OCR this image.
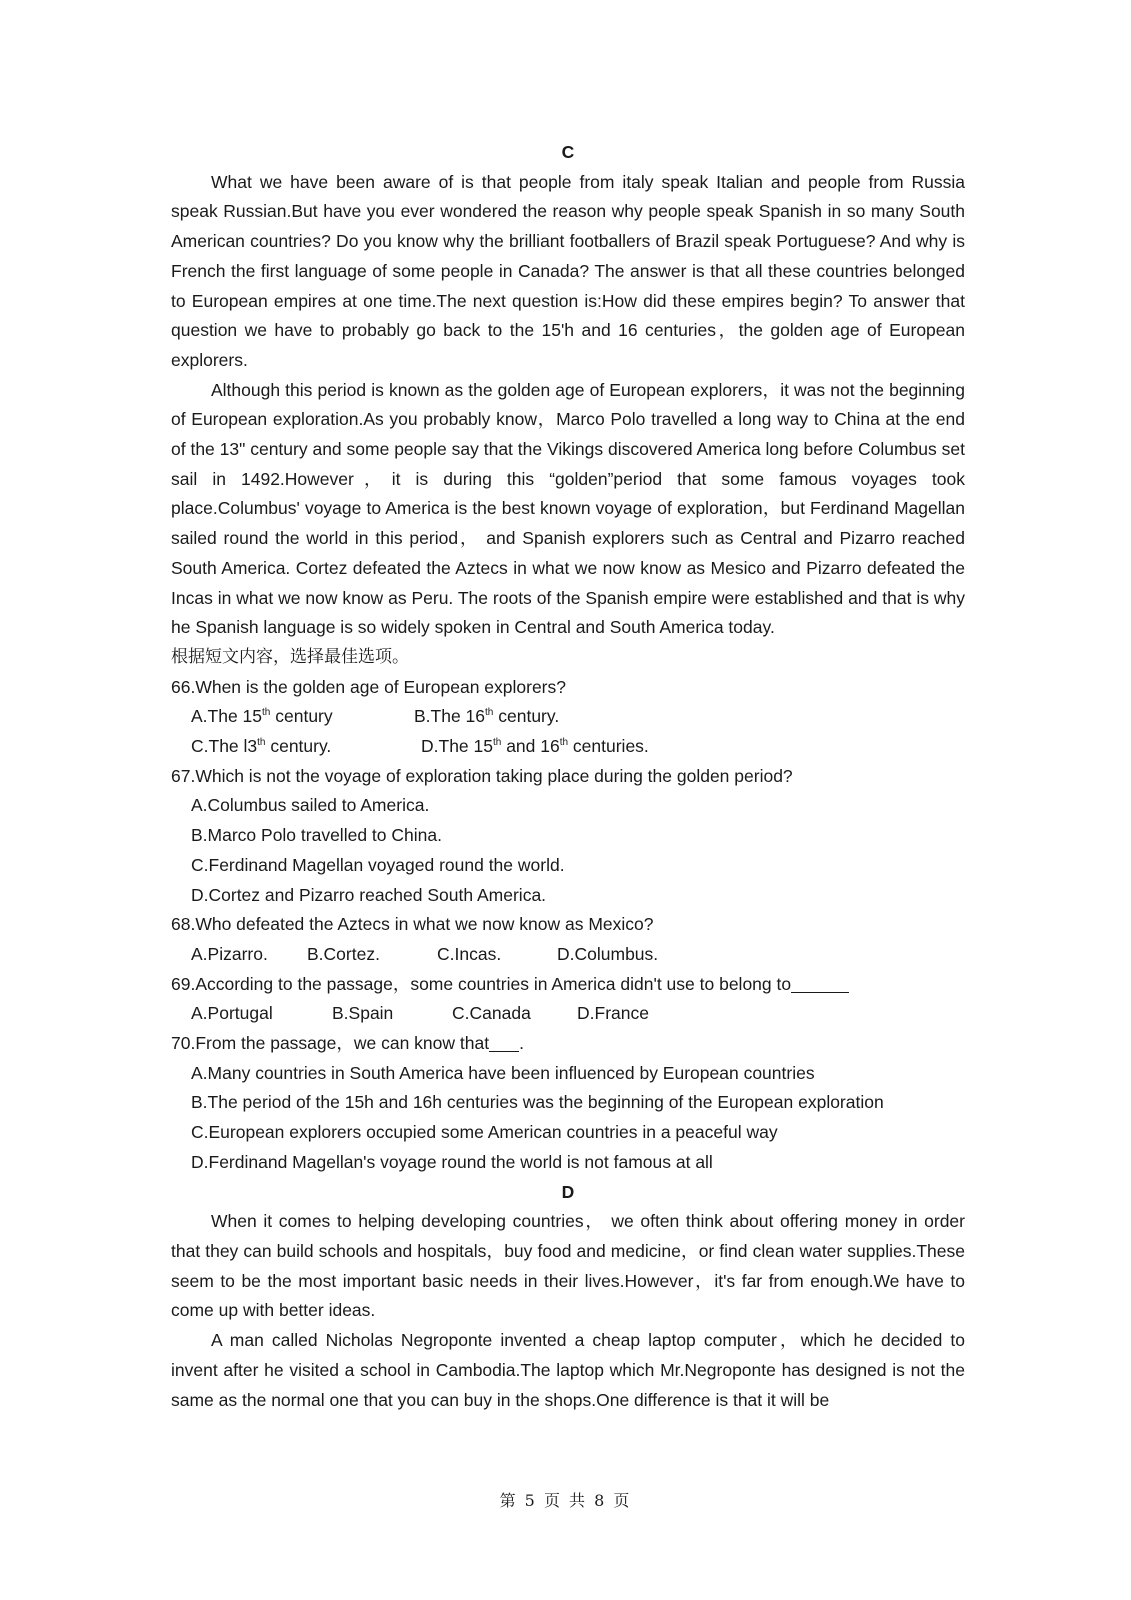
C

What we have been aware of is that people from italy speak Italian and people from Russia speak Russian.But have you ever wondered the reason why people speak Spanish in so many South American countries? Do you know why the brilliant footballers of Brazil speak Portuguese? And why is French the first language of some people in Canada? The answer is that all these countries belonged to European empires at one time.The next question is:How did these empires begin? To answer that question we have to probably go back to the 15'h and 16 centuries，the golden age of European explorers.

Although this period is known as the golden age of European explorers，it was not the beginning of European exploration.As you probably know，Marco Polo travelled a long way to China at the end of the 13" century and some people say that the Vikings discovered America long before Columbus set sail in 1492.However，it is during this “golden”period that some famous voyages took place.Columbus' voyage to America is the best known voyage of exploration，but Ferdinand Magellan sailed round the world in this period， and Spanish explorers such as Central and Pizarro reached South America. Cortez defeated the Aztecs in what we now know as Mesico and Pizarro defeated the Incas in what we now know as Peru. The roots of the Spanish empire were established and that is why he Spanish language is so widely spoken in Central and South America today.

根据短文内容，选择最佳选项。
66.When is the golden age of European explorers?
A.The 15th century	B.The 16th century.
C.The l3th century.	D.The 15th and 16th centuries.
67.Which is not the voyage of exploration taking place during the golden period?
A.Columbus sailed to America.
B.Marco Polo travelled to China.
C.Ferdinand Magellan voyaged round the world.
D.Cortez and Pizarro reached South America.
68.Who defeated the Aztecs in what we now know as Mexico?
A.Pizarro. B.Cortez.	C.Incas.	D.Columbus.
69.According to the passage，some countries in America didn't use to belong to
A.Portugal	B.Spain	C.Canada	D.France
70.From the passage，we can know that .
A.Many countries in South America have been influenced by European countries
B.The period of the 15h and 16h centuries was the beginning of the European exploration
C.European explorers occupied some American countries in a peaceful way
D.Ferdinand Magellan's voyage round the world is not famous at all
D

When it comes to helping developing countries， we often think about offering money in order that they can build schools and hospitals，buy food and medicine，or find clean water supplies.These seem to be the most important basic needs in their lives.However，it's far from enough.We have to come up with better ideas.

A man called Nicholas Negroponte invented a cheap laptop computer，which he decided to invent after he visited a school in Cambodia.The laptop which Mr.Negroponte has designed is not the same as the normal one that you can buy in the shops.One difference is that it will be

第 5 页 共 8 页
